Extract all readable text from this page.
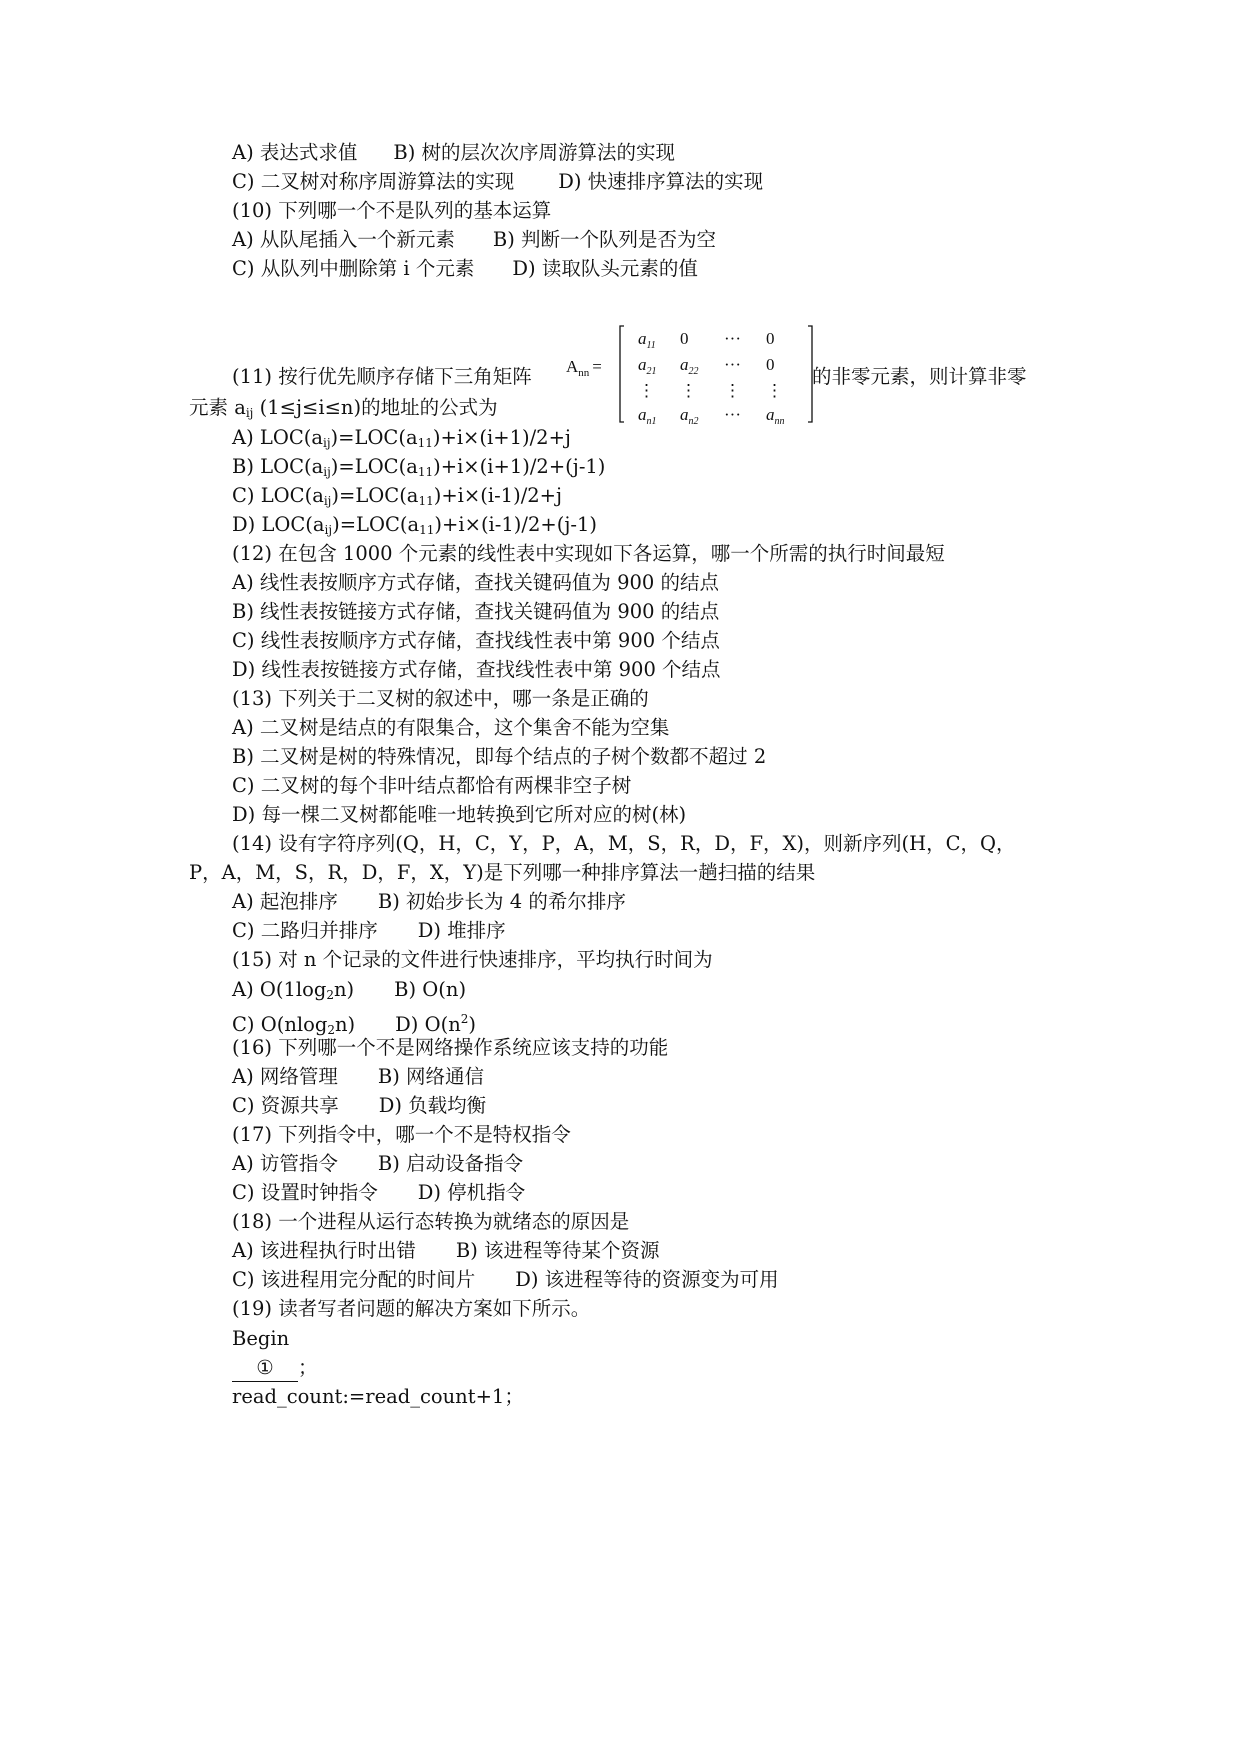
A) 表达式求值 B) 树的层次次序周游算法的实现
C) 二叉树对称序周游算法的实现 D) 快速排序算法的实现
(10) 下列哪一个不是队列的基本运算
A) 从队尾插入一个新元素 B) 判断一个队列是否为空
C) 从队列中删除第 i 个元素 D) 读取队头元素的值
$A_{nn}$ =
$a_{11}$ 0 ··· 0
$a_{21}$ $a_{22}$ ··· 0
⋮ ⋮ ⋮ ⋮
$a_{n1}$ $a_{n2}$ ··· $a_{nn}$
(11) 按行优先顺序存储下三角矩阵	的非零元素，则计算非零
元素 $a_{ij}$ (1≤j≤i≤n)的地址的公式为
A) $LOC(a_{ij})=LOC(a_{11})+i\times(i+1)/2+j$
B) $LOC(a_{ij})=LOC(a_{11})+i\times(i+1)/2+(j-1)$
C) $LOC(a_{ij})=LOC(a_{11})+i\times(i-1)/2+j$
D) $LOC(a_{ij})=LOC(a_{11})+i\times(i-1)/2+(j-1)$
(12) 在包含 1000 个元素的线性表中实现如下各运算，哪一个所需的执行时间最短
A) 线性表按顺序方式存储，查找关键码值为 900 的结点
B) 线性表按链接方式存储，查找关键码值为 900 的结点
C) 线性表按顺序方式存储，查找线性表中第 900 个结点
D) 线性表按链接方式存储，查找线性表中第 900 个结点
(13) 下列关于二叉树的叙述中，哪一条是正确的
A) 二叉树是结点的有限集合，这个集舍不能为空集
B) 二叉树是树的特殊情况，即每个结点的子树个数都不超过 2
C) 二叉树的每个非叶结点都恰有两棵非空子树
D) 每一棵二叉树都能唯一地转换到它所对应的树(林)
(14) 设有字符序列(Q，H，C，Y，P，A，M，S，R，D，F，X)，则新序列(H，C，Q，
P，A，M，S，R，D，F，X，Y)是下列哪一种排序算法一趟扫描的结果
A) 起泡排序 B) 初始步长为 4 的希尔排序
C) 二路归并排序 D) 堆排序
(15) 对 n 个记录的文件进行快速排序，平均执行时间为
A) $O(1\log_2n)$ B) O(n)
C) O(nlog$_2$n) D) $O(n^2)$
(16) 下列哪一个不是网络操作系统应该支持的功能
A) 网络管理 B) 网络通信
C) 资源共享 D) 负载均衡
(17) 下列指令中，哪一个不是特权指令
A) 访管指令 B) 启动设备指令
C) 设置时钟指令 D) 停机指令
(18) 一个进程从运行态转换为就绪态的原因是
A) 该进程执行时出错 B) 该进程等待某个资源
C) 该进程用完分配的时间片 D) 该进程等待的资源变为可用
(19) 读者写者问题的解决方案如下所示。
Begin
① ；
read_count:=read_count+1；
